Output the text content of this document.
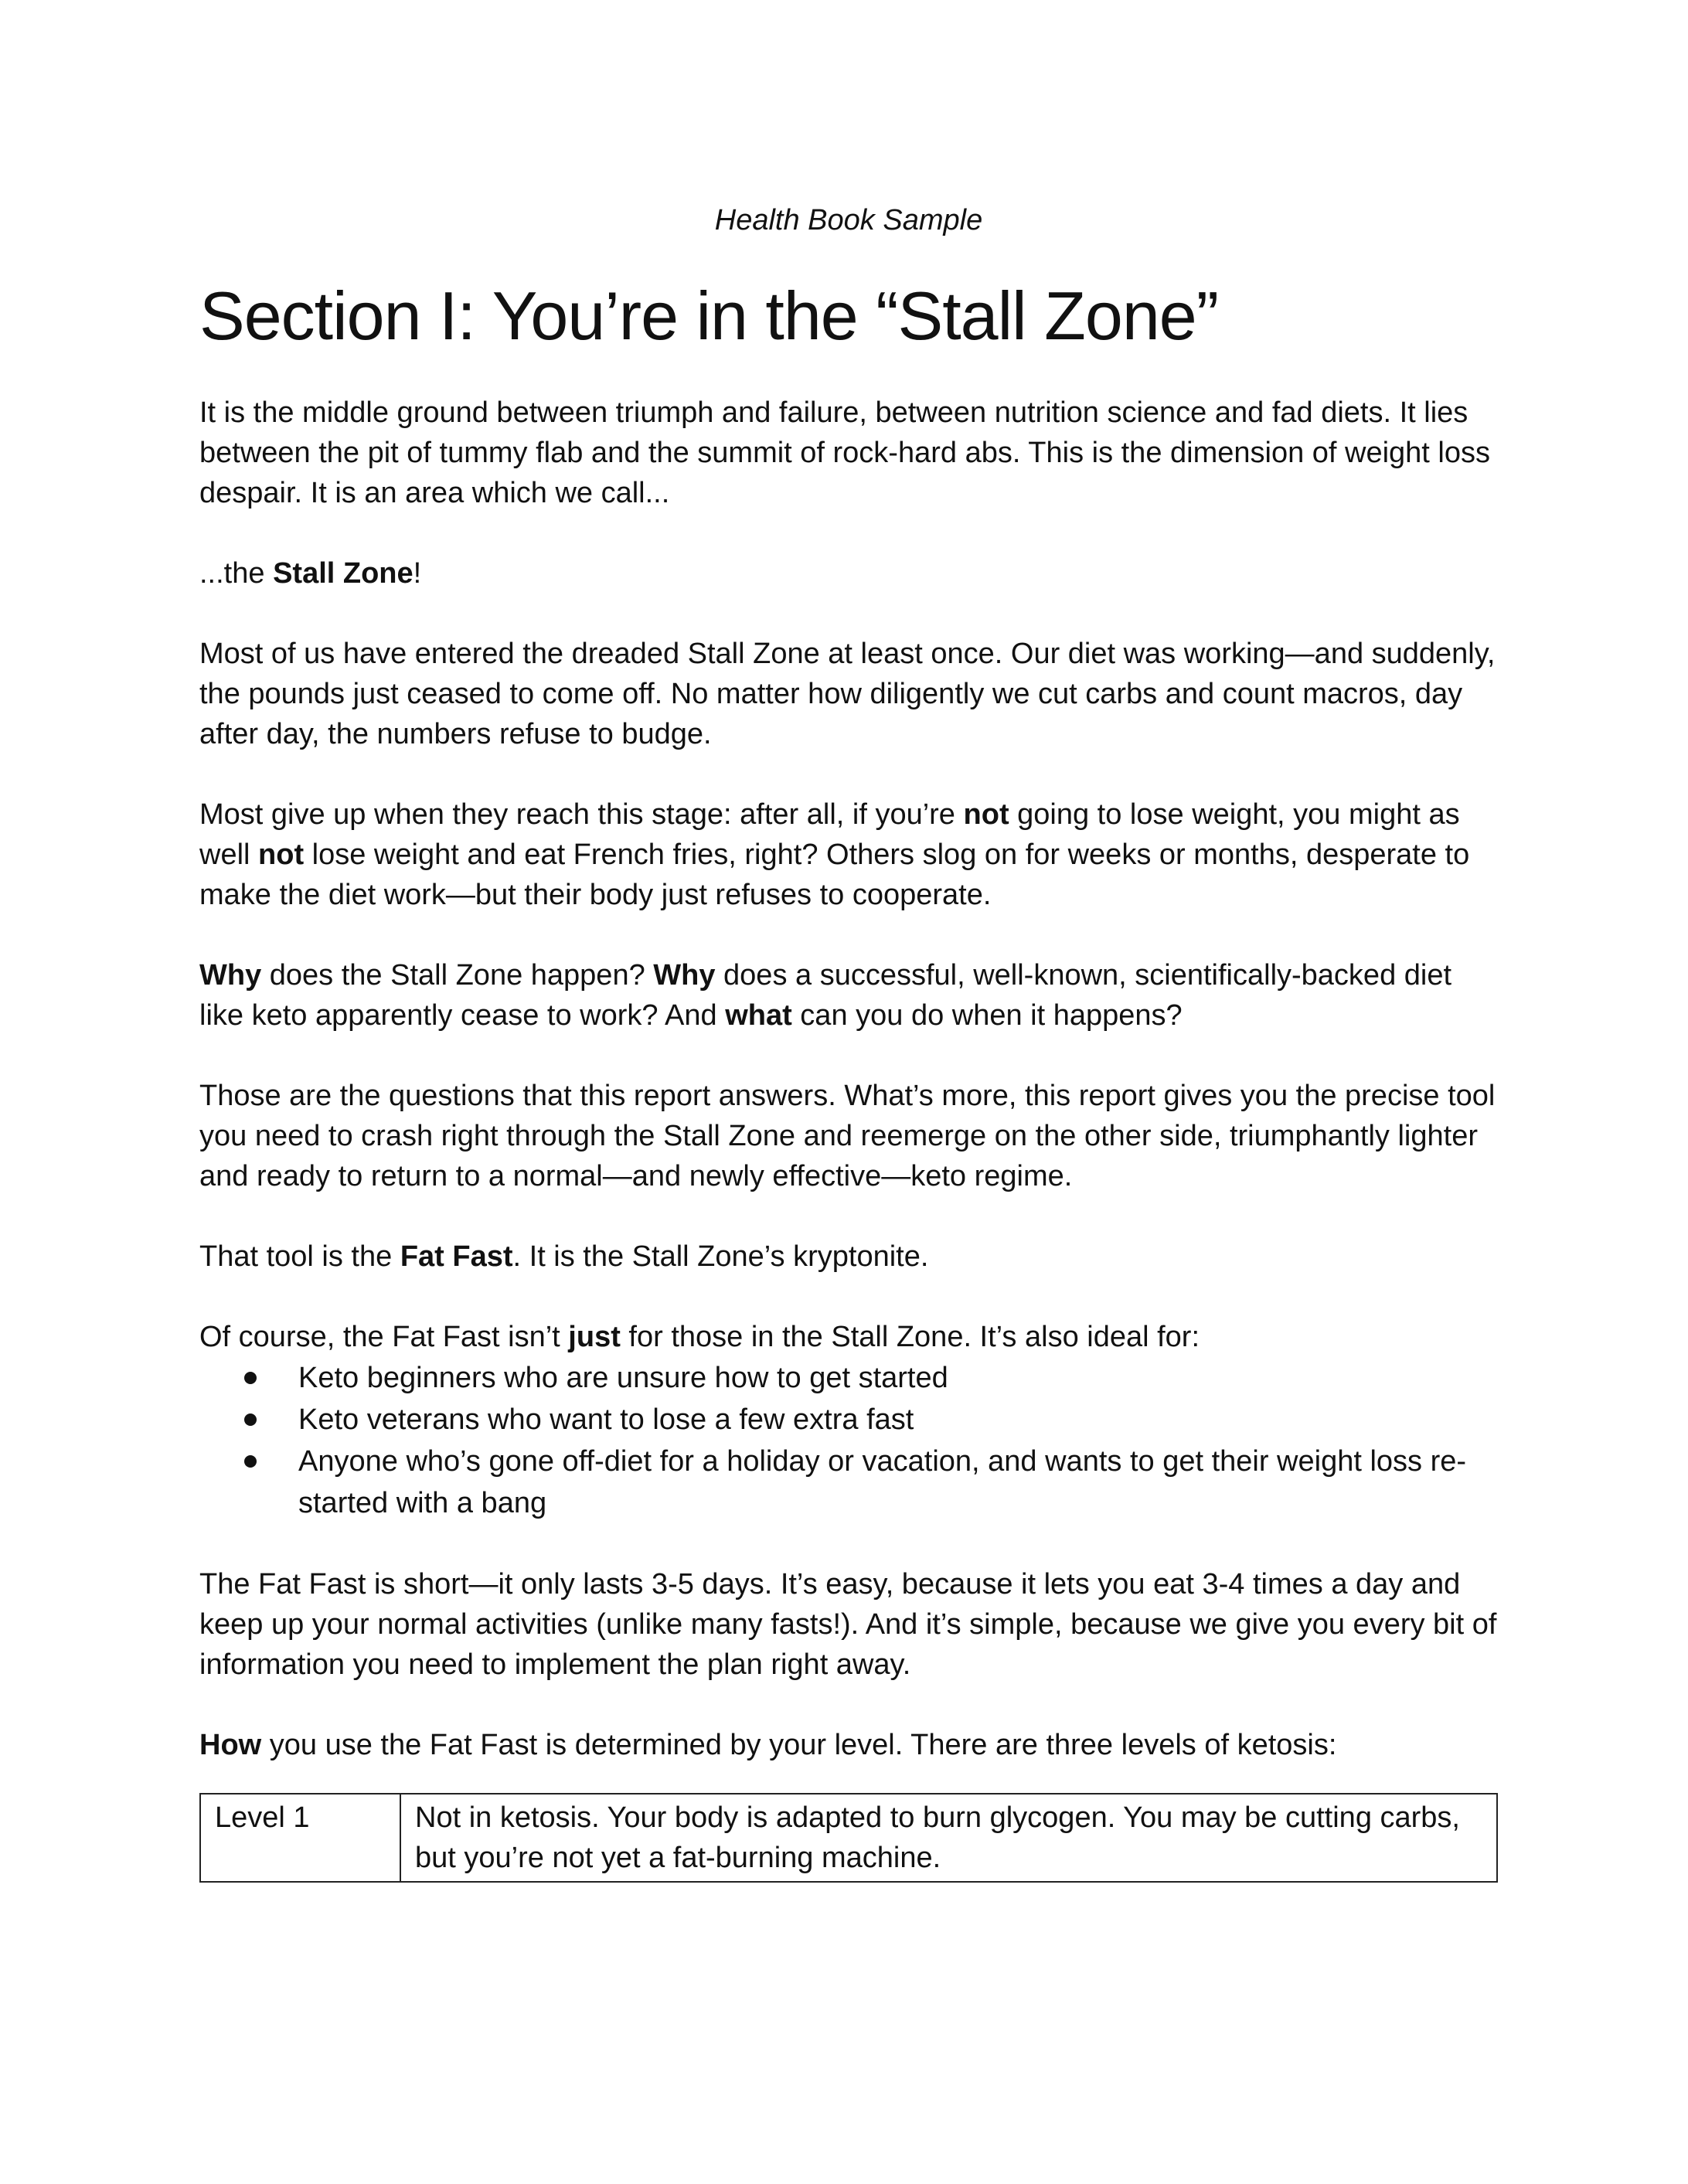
Health Book Sample
Section I: You’re in the “Stall Zone”

It is the middle ground between triumph and failure, between nutrition science and fad diets. It lies between the pit of tummy flab and the summit of rock-hard abs. This is the dimension of weight loss despair. It is an area which we call...

...the Stall Zone!

Most of us have entered the dreaded Stall Zone at least once. Our diet was working—and suddenly, the pounds just ceased to come off. No matter how diligently we cut carbs and count macros, day after day, the numbers refuse to budge.

Most give up when they reach this stage: after all, if you’re not going to lose weight, you might as well not lose weight and eat French fries, right? Others slog on for weeks or months, desperate to make the diet work—but their body just refuses to cooperate.

Why does the Stall Zone happen? Why does a successful, well-known, scientifically-backed diet like keto apparently cease to work? And what can you do when it happens?

Those are the questions that this report answers. What’s more, this report gives you the precise tool you need to crash right through the Stall Zone and reemerge on the other side, triumphantly lighter and ready to return to a normal—and newly effective—keto regime.

That tool is the Fat Fast. It is the Stall Zone’s kryptonite.

Of course, the Fat Fast isn’t just for those in the Stall Zone. It’s also ideal for:

Keto beginners who are unsure how to get started
Keto veterans who want to lose a few extra fast
Anyone who’s gone off-diet for a holiday or vacation, and wants to get their weight loss re-started with a bang

The Fat Fast is short—it only lasts 3-5 days. It’s easy, because it lets you eat 3-4 times a day and keep up your normal activities (unlike many fasts!). And it’s simple, because we give you every bit of information you need to implement the plan right away.

How you use the Fat Fast is determined by your level. There are three levels of ketosis:

Level 1	Not in ketosis. Your body is adapted to burn glycogen. You may be cutting carbs, but you’re not yet a fat-burning machine.
